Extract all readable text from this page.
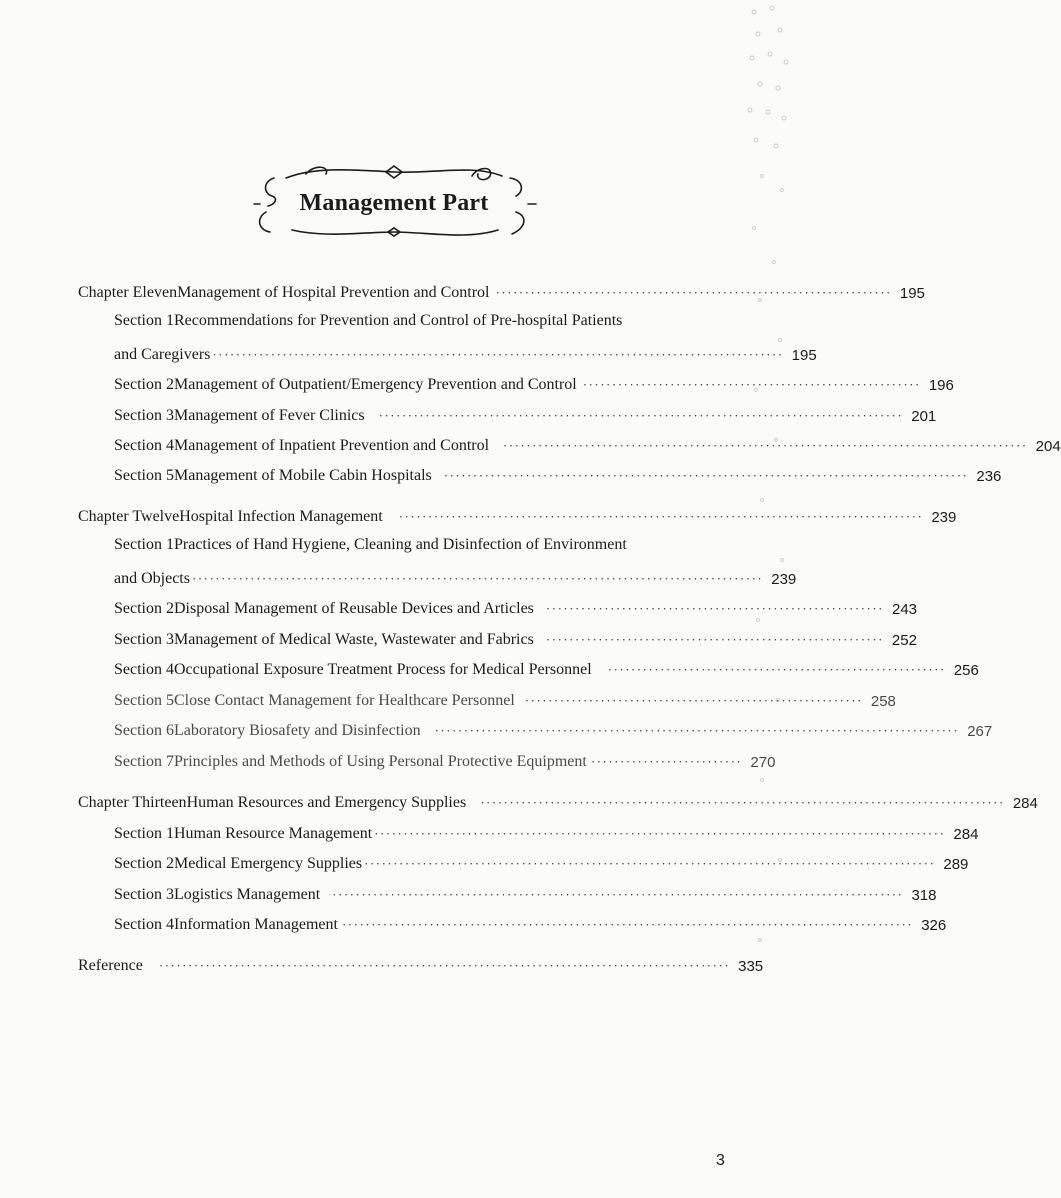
Management Part
Chapter Eleven Management of Hospital Prevention and Control ···································································· 195
Section 1Recommendations for Prevention and Control of Pre-hospital Patients
and Caregivers ·································································································· 195
Section 2 Management of Outpatient/Emergency Prevention and Control ·························································· 196
Section 3 Management of Fever Clinics ·························································································· 201
Section 4 Management of Inpatient Prevention and Control ·························································································· 204
Section 5 Management of Mobile Cabin Hospitals ·························································································· 236
Chapter Twelve Hospital Infection Management ·························································································· 239
Section 1Practices of Hand Hygiene, Cleaning and Disinfection of Environment
and Objects ·································································································· 239
Section 2 Disposal Management of Reusable Devices and Articles ·························································· 243
Section 3 Management of Medical Waste, Wastewater and Fabrics ·························································· 252
Section 4 Occupational Exposure Treatment Process for Medical Personnel ·························································· 256
Section 5 Close Contact Management for Healthcare Personnel ·························································· 258
Section 6 Laboratory Biosafety and Disinfection ·························································································· 267
Section 7 Principles and Methods of Using Personal Protective Equipment ·························· 270
Chapter Thirteen Human Resources and Emergency Supplies ·························································································· 284
Section 1 Human Resource Management ·································································································· 284
Section 2 Medical Emergency Supplies ·································································································· 289
Section 3 Logistics Management ·································································································· 318
Section 4 Information Management ·································································································· 326
Reference ·································································································· 335
3
